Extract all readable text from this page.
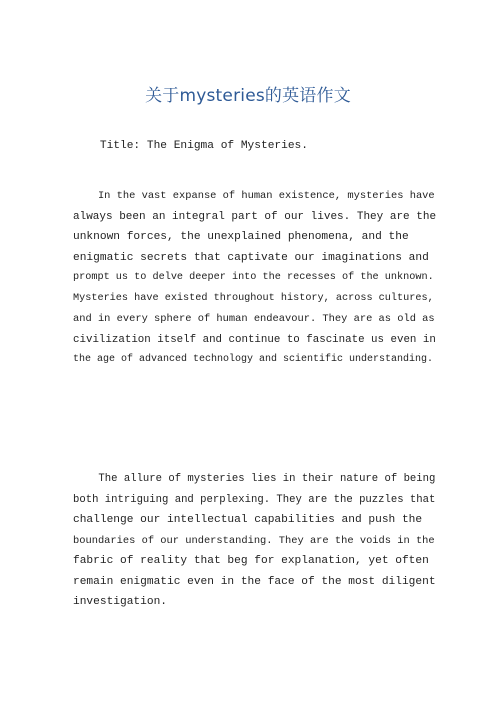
关于mysteries的英语作文
Title: The Enigma of Mysteries.
In the vast expanse of human existence, mysteries have
always been an integral part of our lives. They are the
unknown forces, the unexplained phenomena, and the
enigmatic secrets that captivate our imaginations and
prompt us to delve deeper into the recesses of the unknown.
Mysteries have existed throughout history, across cultures,
and in every sphere of human endeavour. They are as old as
civilization itself and continue to fascinate us even in
the age of advanced technology and scientific understanding.
The allure of mysteries lies in their nature of being
both intriguing and perplexing. They are the puzzles that
challenge our intellectual capabilities and push the
boundaries of our understanding. They are the voids in the
fabric of reality that beg for explanation, yet often
remain enigmatic even in the face of the most diligent
investigation.
